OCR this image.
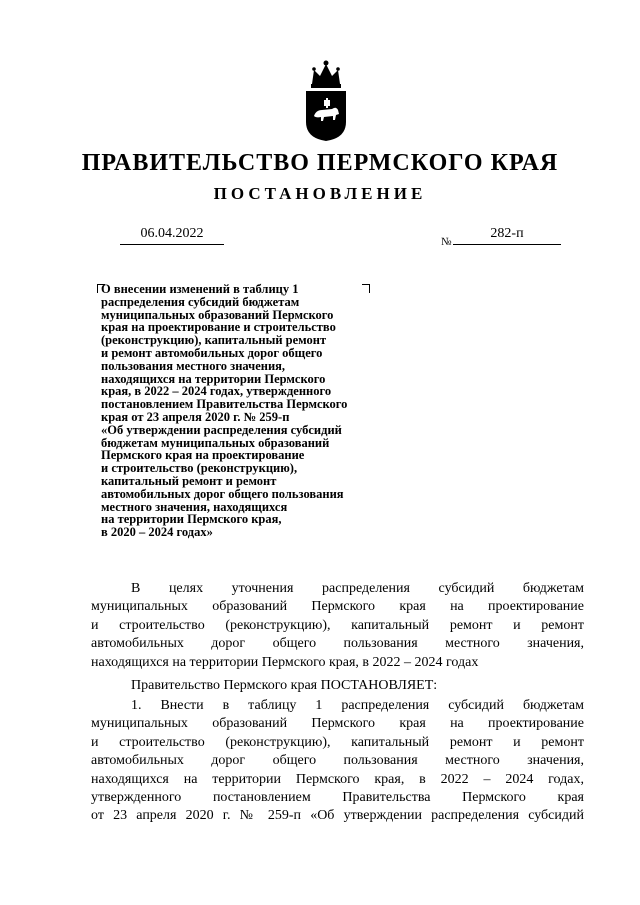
ПРАВИТЕЛЬСТВО ПЕРМСКОГО КРАЯ
ПОСТАНОВЛЕНИЕ
06.04.2022
№
282-п
О внесении изменений в таблицу 1
распределения субсидий бюджетам
муниципальных образований Пермского
края на проектирование и строительство
(реконструкцию), капитальный ремонт
и ремонт автомобильных дорог общего
пользования местного значения,
находящихся на территории Пермского
края, в 2022 – 2024 годах, утвержденного
постановлением Правительства Пермского
края от 23 апреля 2020 г. № 259-п
«Об утверждении распределения субсидий
бюджетам муниципальных образований
Пермского края на проектирование
и строительство (реконструкцию),
капитальный ремонт и ремонт
автомобильных дорог общего пользования
местного значения, находящихся
на территории Пермского края,
в 2020 – 2024 годах»
В целях уточнения распределения субсидий бюджетам
муниципальных образований Пермского края на проектирование
и строительство (реконструкцию), капитальный ремонт и ремонт
автомобильных дорог общего пользования местного значения,
находящихся на территории Пермского края, в 2022 – 2024 годах
Правительство Пермского края ПОСТАНОВЛЯЕТ:
1. Внести в таблицу 1 распределения субсидий бюджетам
муниципальных образований Пермского края на проектирование
и строительство (реконструкцию), капитальный ремонт и ремонт
автомобильных дорог общего пользования местного значения,
находящихся на территории Пермского края, в 2022 – 2024 годах,
утвержденного постановлением Правительства Пермского края
от 23 апреля 2020 г. № 259-п «Об утверждении распределения субсидий
